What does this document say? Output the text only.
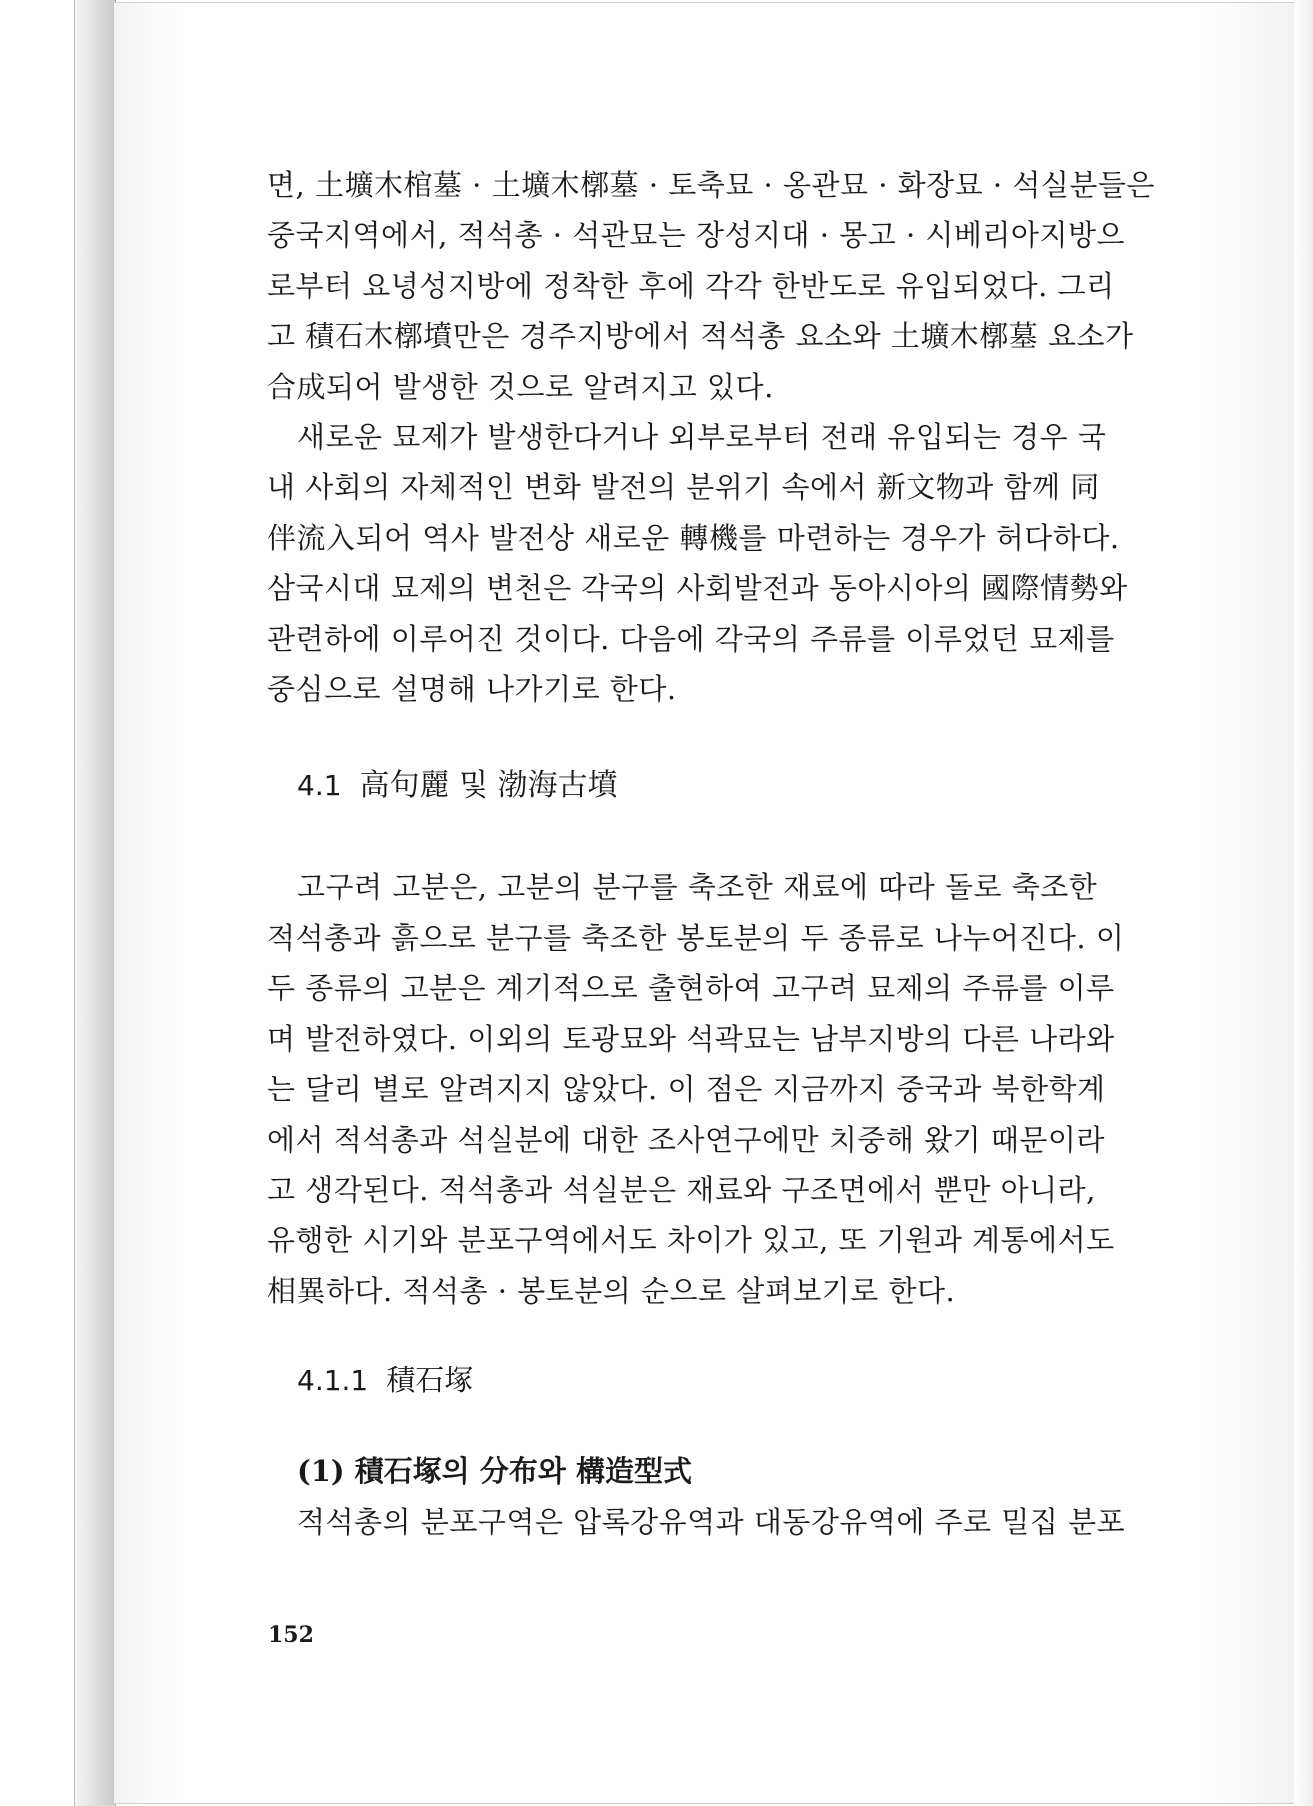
면, 土壙木棺墓 · 土壙木槨墓 · 토축묘 · 옹관묘 · 화장묘 · 석실분들은
중국지역에서, 적석총 · 석관묘는 장성지대 · 몽고 · 시베리아지방으
로부터 요녕성지방에 정착한 후에 각각 한반도로 유입되었다. 그리
고 積石木槨墳만은 경주지방에서 적석총 요소와 土壙木槨墓 요소가
合成되어 발생한 것으로 알려지고 있다.

새로운 묘제가 발생한다거나 외부로부터 전래 유입되는 경우 국
내 사회의 자체적인 변화 발전의 분위기 속에서 新文物과 함께 同
伴流入되어 역사 발전상 새로운 轉機를 마련하는 경우가 허다하다.
삼국시대 묘제의 변천은 각국의 사회발전과 동아시아의 國際情勢와
관련하에 이루어진 것이다. 다음에 각국의 주류를 이루었던 묘제를
중심으로 설명해 나가기로 한다.

4.1 高句麗 및 渤海古墳

고구려 고분은, 고분의 분구를 축조한 재료에 따라 돌로 축조한
적석총과 흙으로 분구를 축조한 봉토분의 두 종류로 나누어진다. 이
두 종류의 고분은 계기적으로 출현하여 고구려 묘제의 주류를 이루
며 발전하였다. 이외의 토광묘와 석곽묘는 남부지방의 다른 나라와
는 달리 별로 알려지지 않았다. 이 점은 지금까지 중국과 북한학계
에서 적석총과 석실분에 대한 조사연구에만 치중해 왔기 때문이라
고 생각된다. 적석총과 석실분은 재료와 구조면에서 뿐만 아니라,
유행한 시기와 분포구역에서도 차이가 있고, 또 기원과 계통에서도
相異하다. 적석총 · 봉토분의 순으로 살펴보기로 한다.

4.1.1 積石塚
(1) 積石塚의 分布와 構造型式

적석총의 분포구역은 압록강유역과 대동강유역에 주로 밀집 분포

152
